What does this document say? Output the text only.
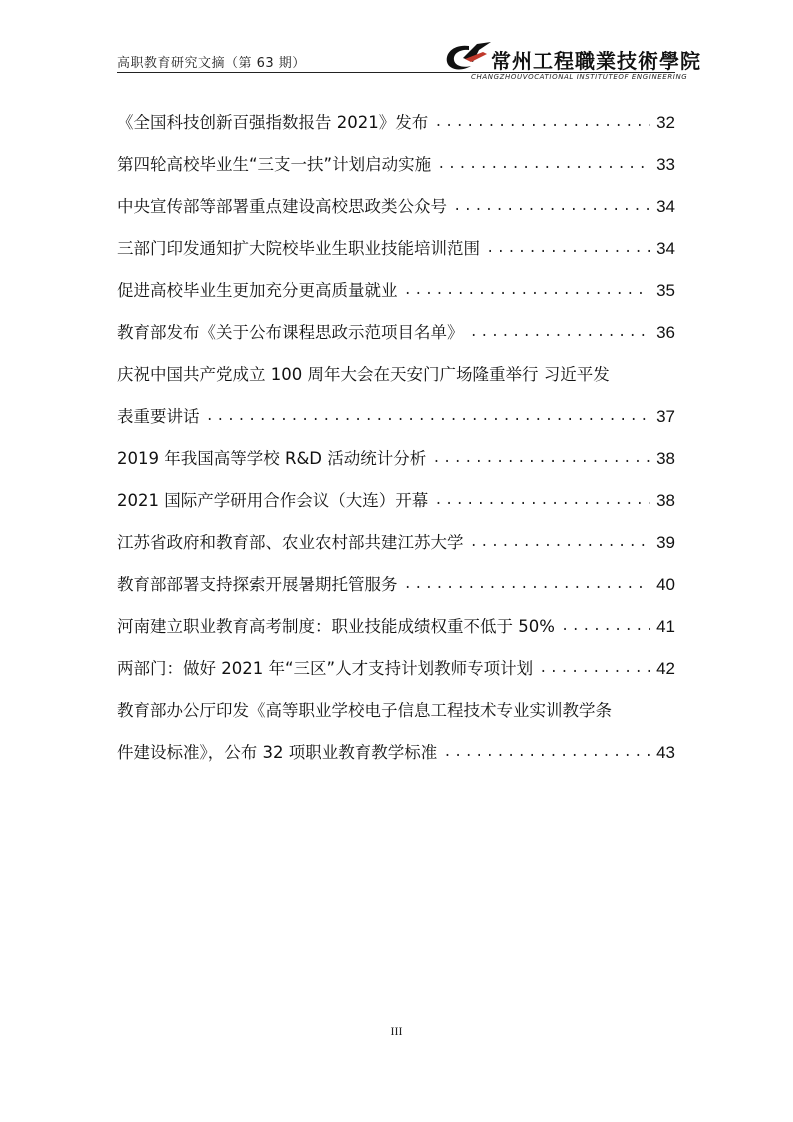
高职教育研究文摘（第 63 期）	常州工程職業技術學院
CHANGZHOUVOCATIONAL INSTITUTEOF ENGINEERING
《全国科技创新百强指数报告 2021》发布 .....	32
第四轮高校毕业生“三支一扶”计划启动实施 .....	33
中央宣传部等部署重点建设高校思政类公众号 .....	34
三部门印发通知扩大院校毕业生职业技能培训范围 .....	34
促进高校毕业生更加充分更高质量就业 .....	35
教育部发布《关于公布课程思政示范项目名单》 .....	36
庆祝中国共产党成立 100 周年大会在天安门广场隆重举行 习近平发
表重要讲话 .....	37
2019 年我国高等学校 R&D 活动统计分析 .....	38
2021 国际产学研用合作会议（大连）开幕 .....	38
江苏省政府和教育部、农业农村部共建江苏大学 .....	39
教育部部署支持探索开展暑期托管服务 .....	40
河南建立职业教育高考制度：职业技能成绩权重不低于 50% .....	41
两部门：做好 2021 年“三区”人才支持计划教师专项计划 .....	42
教育部办公厅印发《高等职业学校电子信息工程技术专业实训教学条
件建设标准》，公布 32 项职业教育教学标准 .....	43
III
